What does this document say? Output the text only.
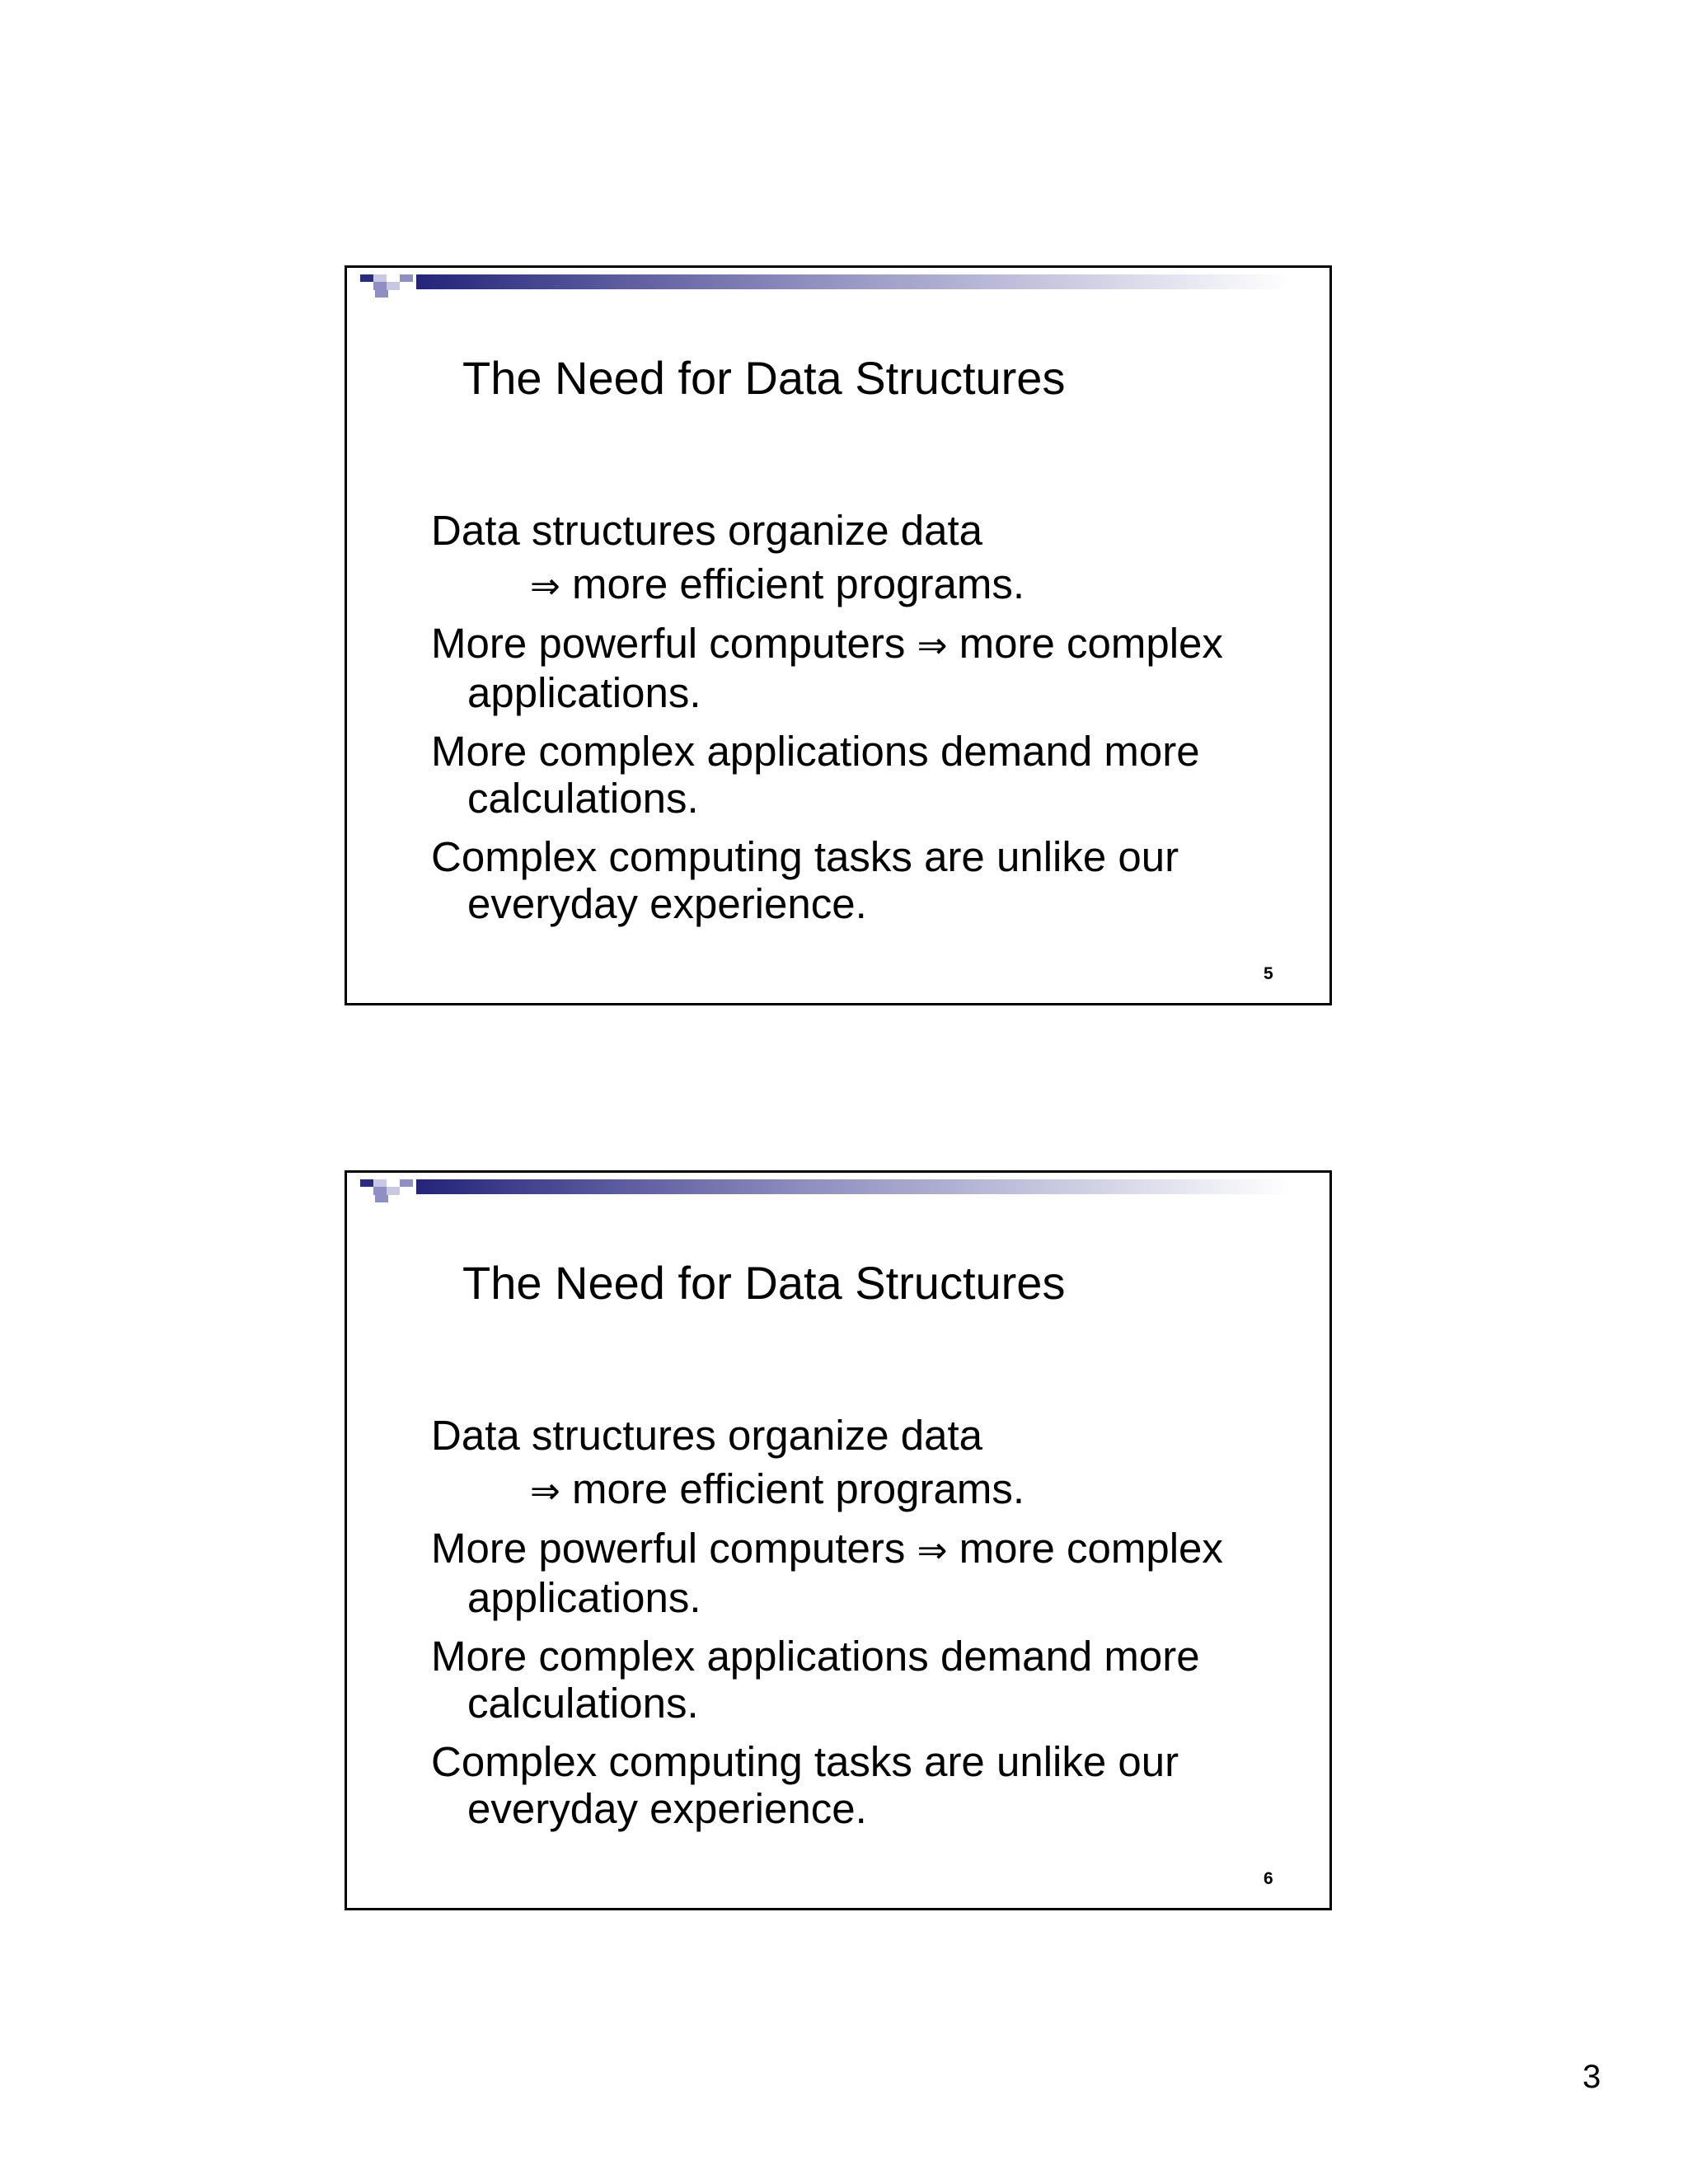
The Need for Data Structures
Data structures organize data
⇒ more efficient programs.
More powerful computers ⇒ more complex applications.
More complex applications demand more calculations.
Complex computing tasks are unlike our everyday experience.
5
The Need for Data Structures
Data structures organize data
⇒ more efficient programs.
More powerful computers ⇒ more complex applications.
More complex applications demand more calculations.
Complex computing tasks are unlike our everyday experience.
6
3
